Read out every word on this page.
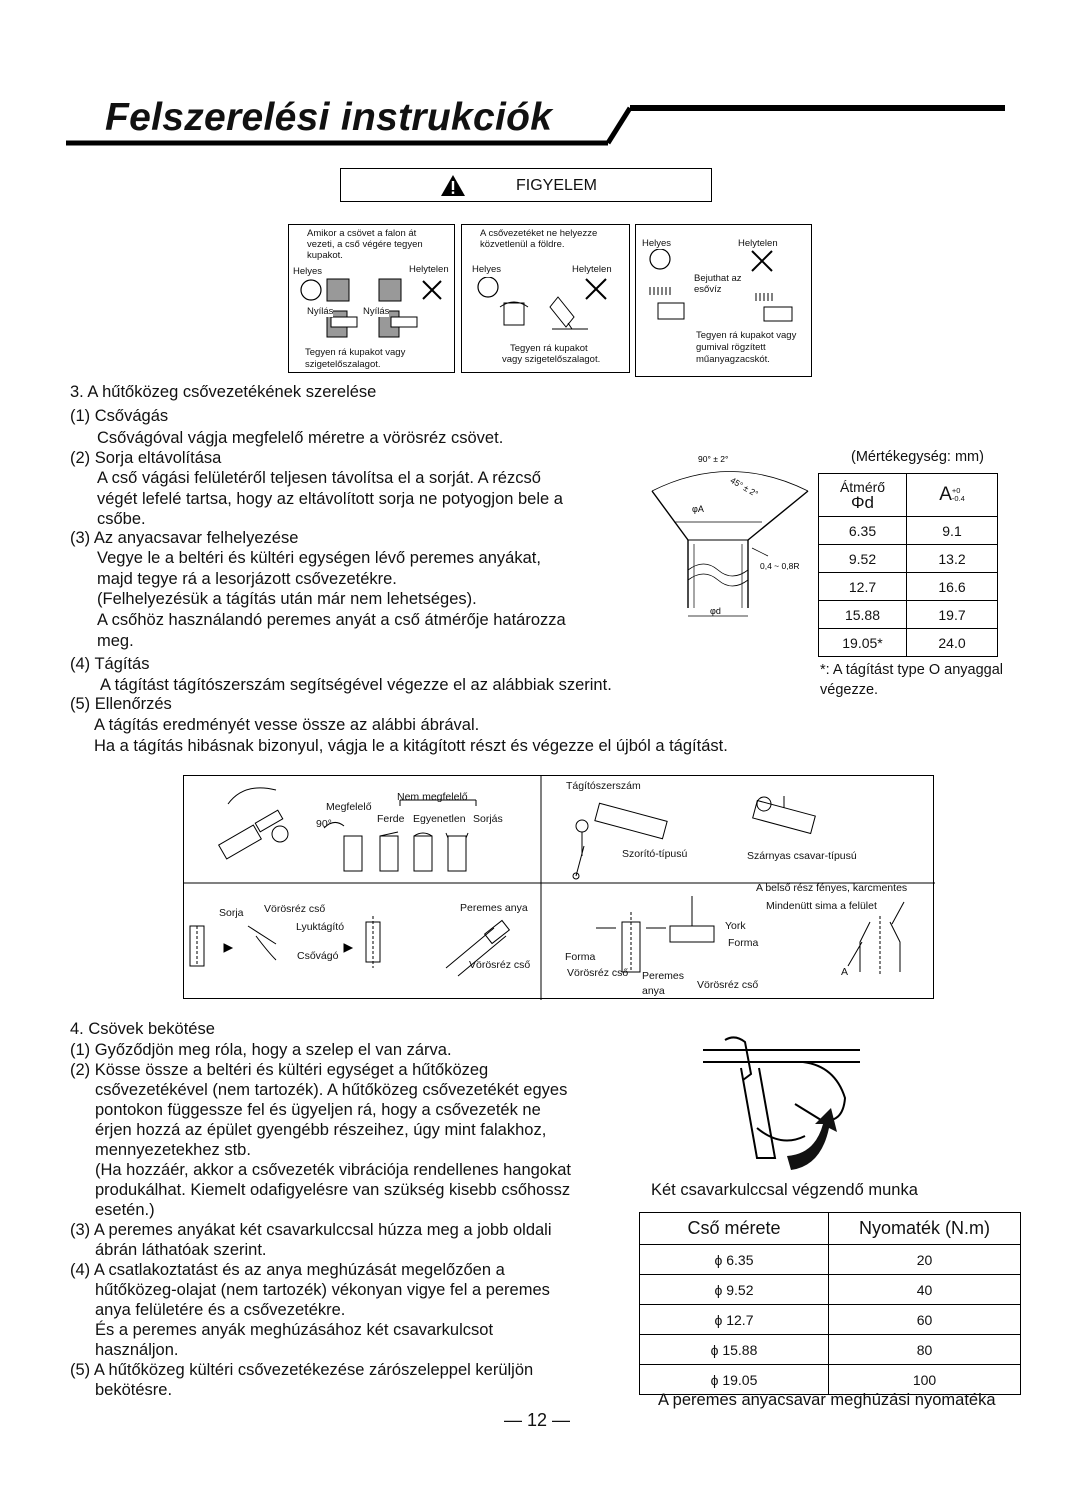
Felszerelési instrukciók
FIGYELEM
Amikor a csövet a falon át
vezeti, a cső végére tegyen
kupakot.
Helyes	Helytelen
Nyílás	Nyílás
Tegyen rá kupakot vagy
szigetelőszalagot.
A csővezetéket ne helyezze
közvetlenül a földre.
Helyes	Helytelen
Tegyen rá kupakot
vagy szigetelőszalagot.
Helyes	Helytelen
Bejuthat az
esővíz
Tegyen rá kupakot vagy
gumival rögzített
műanyagzacskót.
3. A hűtőközeg csővezetékének szerelése
(1) Csővágás
Csővágóval vágja megfelelő méretre a vörösréz csövet.
(2) Sorja eltávolítása
A cső vágási felületéről teljesen távolítsa el a sorját. A rézcső
végét lefelé tartsa, hogy az eltávolított sorja ne potyogjon bele a
csőbe.
(3) Az anyacsavar felhelyezése
Vegye le a beltéri és kültéri egységen lévő peremes anyákat,
majd tegye rá a lesorjázott csővezetékre.
(Felhelyezésük a tágítás után már nem lehetséges).
A csőhöz használandó peremes anyát a cső átmérője határozza
meg.
(4) Tágítás
A tágítást tágítószerszám segítségével végezze el az alábbiak szerint.
(5) Ellenőrzés
A tágítás eredményét vesse össze az alábbi ábrával.
Ha a tágítás hibásnak bizonyul, vágja le a kitágított részt és végezze el újból a tágítást.
90° ± 2°
45° ± 2°
φA
0,4 ~ 0,8R
φd
(Mértékegység: mm)
Átmérő
Φd	A+0
-0.4
6.35	9.1
9.52	13.2
12.7	16.6
15.88	19.7
19.05*	24.0
*: A tágítást type O anyaggal
végezze.
Nem megfelelő
Megfelelő
90°	Ferde Egyenetlen Sorjás
Tágítószerszám
Szorító-típusú	Szárnyas csavar-típusú
Sorja Vörösréz cső
Lyuktágító
Csővágó
Peremes anya
Vörösréz cső
A belső rész fényes, karcmentes
Mindenütt sima a felület
York
Forma
Forma
Vörösréz cső Peremes
anya	Vörösréz cső
A
4. Csövek bekötése
(1) Győződjön meg róla, hogy a szelep el van zárva.
(2) Kösse össze a beltéri és kültéri egységet a hűtőközeg
csővezetékével (nem tartozék). A hűtőközeg csővezetékét egyes
pontokon függessze fel és ügyeljen rá, hogy a csővezeték ne
érjen hozzá az épület gyengébb részeihez, úgy mint falakhoz,
mennyezetekhez stb.
(Ha hozzáér, akkor a csővezeték vibrációja rendellenes hangokat
produkálhat. Kiemelt odafigyelésre van szükség kisebb csőhossz
esetén.)
(3) A peremes anyákat két csavarkulccsal húzza meg a jobb oldali
ábrán láthatóak szerint.
(4) A csatlakoztatást és az anya meghúzását megelőzően a
hűtőközeg-olajat (nem tartozék) vékonyan vigye fel a peremes
anya felületére és a csővezetékre.
És a peremes anyák meghúzásához két csavarkulcsot
használjon.
(5) A hűtőközeg kültéri csővezetékezése zárószeleppel kerüljön
bekötésre.
Két csavarkulccsal végzendő munka
Cső mérete	Nyomaték (N.m)
ϕ 6.35	20
ϕ 9.52	40
ϕ 12.7	60
ϕ 15.88	80
ϕ 19.05	100
A peremes anyacsavar meghúzási nyomatéka
— 12 —
